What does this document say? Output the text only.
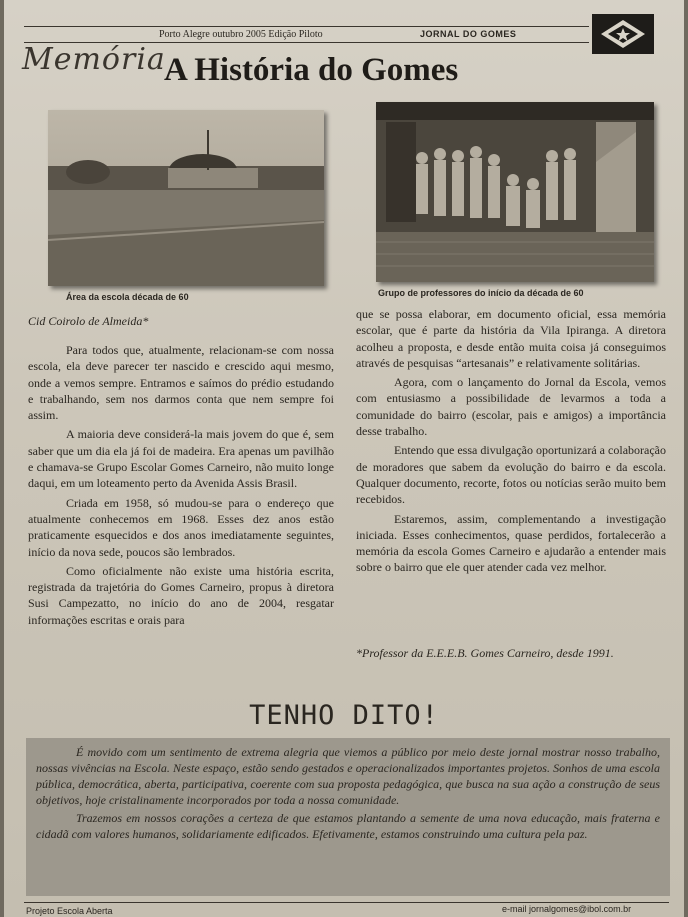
Porto Alegre outubro 2005 Edição Piloto	JORNAL DO GOMES
Memória
A História do Gomes
Área da escola década de 60	Grupo de professores do início da década de 60
Cid Coirolo de Almeida*

Para todos que, atualmente, relacionam-se com nossa escola, ela deve parecer ter nascido e crescido aqui mesmo, onde a vemos sempre. Entramos e saímos do prédio estudando e trabalhando, sem nos darmos conta que nem sempre foi assim.

A maioria deve considerá-la mais jovem do que é, sem saber que um dia ela já foi de madeira. Era apenas um pavilhão e chamava-se Grupo Escolar Gomes Carneiro, não muito longe daqui, em um loteamento perto da Avenida Assis Brasil.

Criada em 1958, só mudou-se para o endereço que atualmente conhecemos em 1968. Esses dez anos estão praticamente esquecidos e dos anos imediatamente seguintes, início da nova sede, poucos são lembrados.

Como oficialmente não existe uma história escrita, registrada da trajetória do Gomes Carneiro, propus à diretora Susi Campezatto, no início do ano de 2004, resgatar informações escritas e orais para

que se possa elaborar, em documento oficial, essa memória escolar, que é parte da história da Vila Ipiranga. A diretora acolheu a proposta, e desde então muita coisa já conseguimos através de pesquisas “artesanais” e relativamente solitárias.

Agora, com o lançamento do Jornal da Escola, vemos com entusiasmo a possibilidade de levarmos a toda a comunidade do bairro (escolar, pais e amigos) a importância desse trabalho.

Entendo que essa divulgação oportunizará a colaboração de moradores que sabem da evolução do bairro e da escola. Qualquer documento, recorte, fotos ou notícias serão muito bem recebidos.

Estaremos, assim, complementando a investigação iniciada. Esses conhecimentos, quase perdidos, fortalecerão a memória da escola Gomes Carneiro e ajudarão a entender mais sobre o bairro que ele quer atender cada vez melhor.

*Professor da E.E.E.B. Gomes Carneiro, desde 1991.
TENHO DITO!

É movido com um sentimento de extrema alegria que viemos a público por meio deste jornal mostrar nosso trabalho, nossas vivências na Escola. Neste espaço, estão sendo gestados e operacionalizados importantes projetos. Sonhos de uma escola pública, democrática, aberta, participativa, coerente com sua proposta pedagógica, que busca na sua ação a construção de seus objetivos, hoje cristalinamente incorporados por toda a nossa comunidade.

Trazemos em nossos corações a certeza de que estamos plantando a semente de uma nova educação, mais fraterna e cidadã com valores humanos, solidariamente edificados. Efetivamente, estamos construindo uma cultura pela paz.

Projeto Escola Aberta	e-mail jornalgomes@ibol.com.br
